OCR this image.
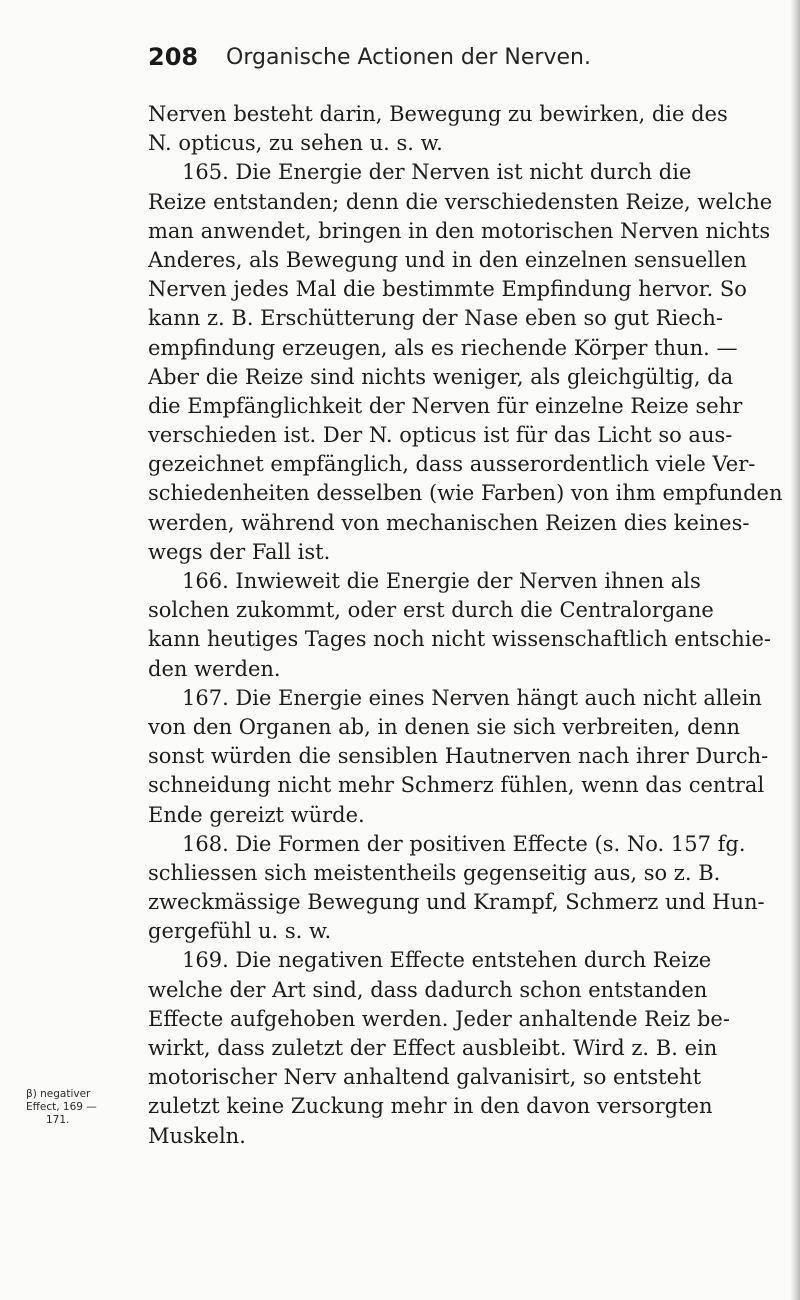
208 Organische Actionen der Nerven.
Nerven besteht darin, Bewegung zu bewirken, die des
N. opticus, zu sehen u. s. w.
165. Die Energie der Nerven ist nicht durch die
Reize entstanden; denn die verschiedensten Reize, welche
man anwendet, bringen in den motorischen Nerven nichts
Anderes, als Bewegung und in den einzelnen sensuellen
Nerven jedes Mal die bestimmte Empfindung hervor. So
kann z. B. Erschütterung der Nase eben so gut Riech-
empfindung erzeugen, als es riechende Körper thun. —
Aber die Reize sind nichts weniger, als gleichgültig, da
die Empfänglichkeit der Nerven für einzelne Reize sehr
verschieden ist. Der N. opticus ist für das Licht so aus-
gezeichnet empfänglich, dass ausserordentlich viele Ver-
schiedenheiten desselben (wie Farben) von ihm empfunden
werden, während von mechanischen Reizen dies keines-
wegs der Fall ist.
166. Inwieweit die Energie der Nerven ihnen als
solchen zukommt, oder erst durch die Centralorgane
kann heutiges Tages noch nicht wissenschaftlich entschie-
den werden.
167. Die Energie eines Nerven hängt auch nicht allein
von den Organen ab, in denen sie sich verbreiten, denn
sonst würden die sensiblen Hautnerven nach ihrer Durch-
schneidung nicht mehr Schmerz fühlen, wenn das central
Ende gereizt würde.
168. Die Formen der positiven Effecte (s. No. 157 fg.
schliessen sich meistentheils gegenseitig aus, so z. B.
zweckmässige Bewegung und Krampf, Schmerz und Hun-
gergefühl u. s. w.
169. Die negativen Effecte entstehen durch Reize
welche der Art sind, dass dadurch schon entstanden
Effecte aufgehoben werden. Jeder anhaltende Reiz be-
wirkt, dass zuletzt der Effect ausbleibt. Wird z. B. ein
motorischer Nerv anhaltend galvanisirt, so entsteht
zuletzt keine Zuckung mehr in den davon versorgten
Muskeln.
β) negativer
Effect, 169 —
171.
